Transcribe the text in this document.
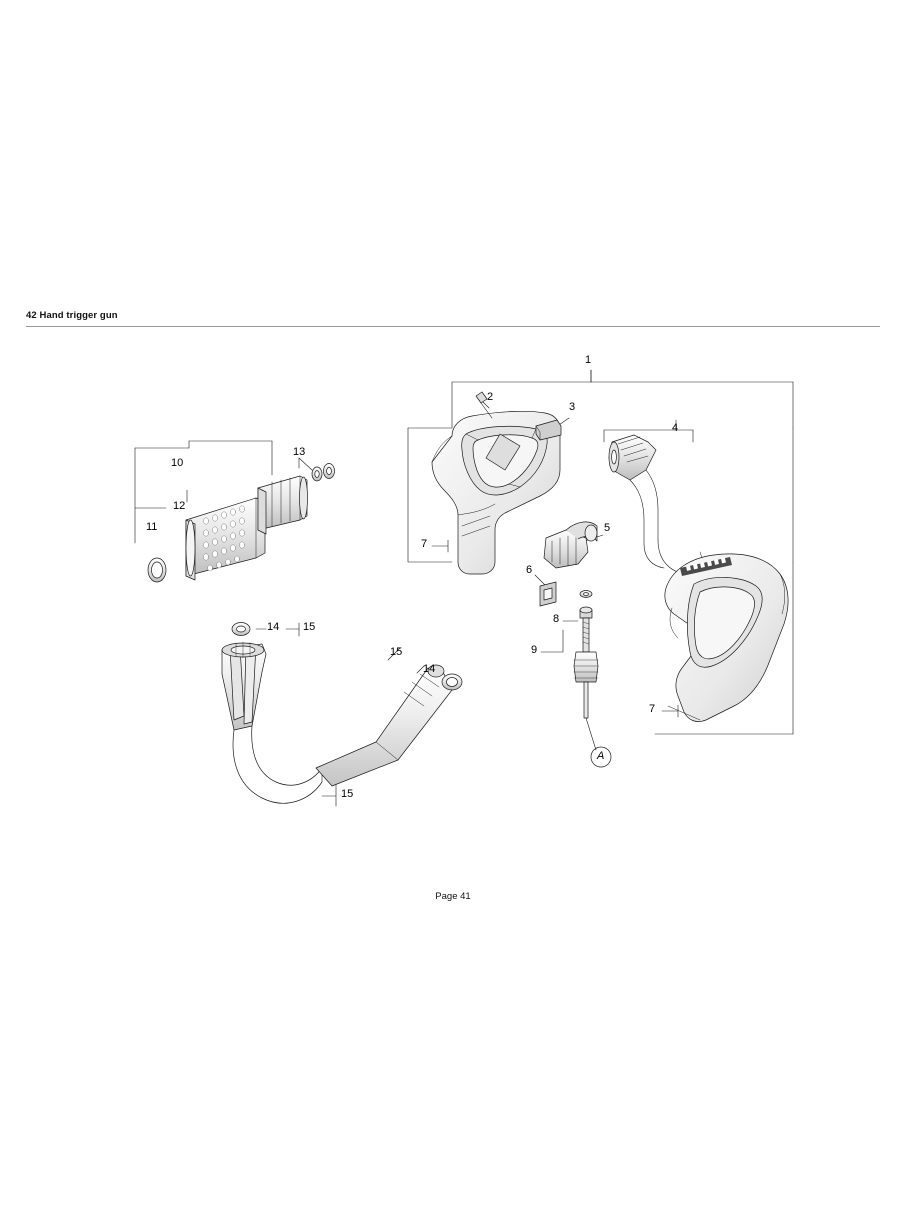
42 Hand trigger gun
1
2
3
4
5
6
7
7
8
9
10
11
12
13
14 15
15
14
15
A
Page 41
